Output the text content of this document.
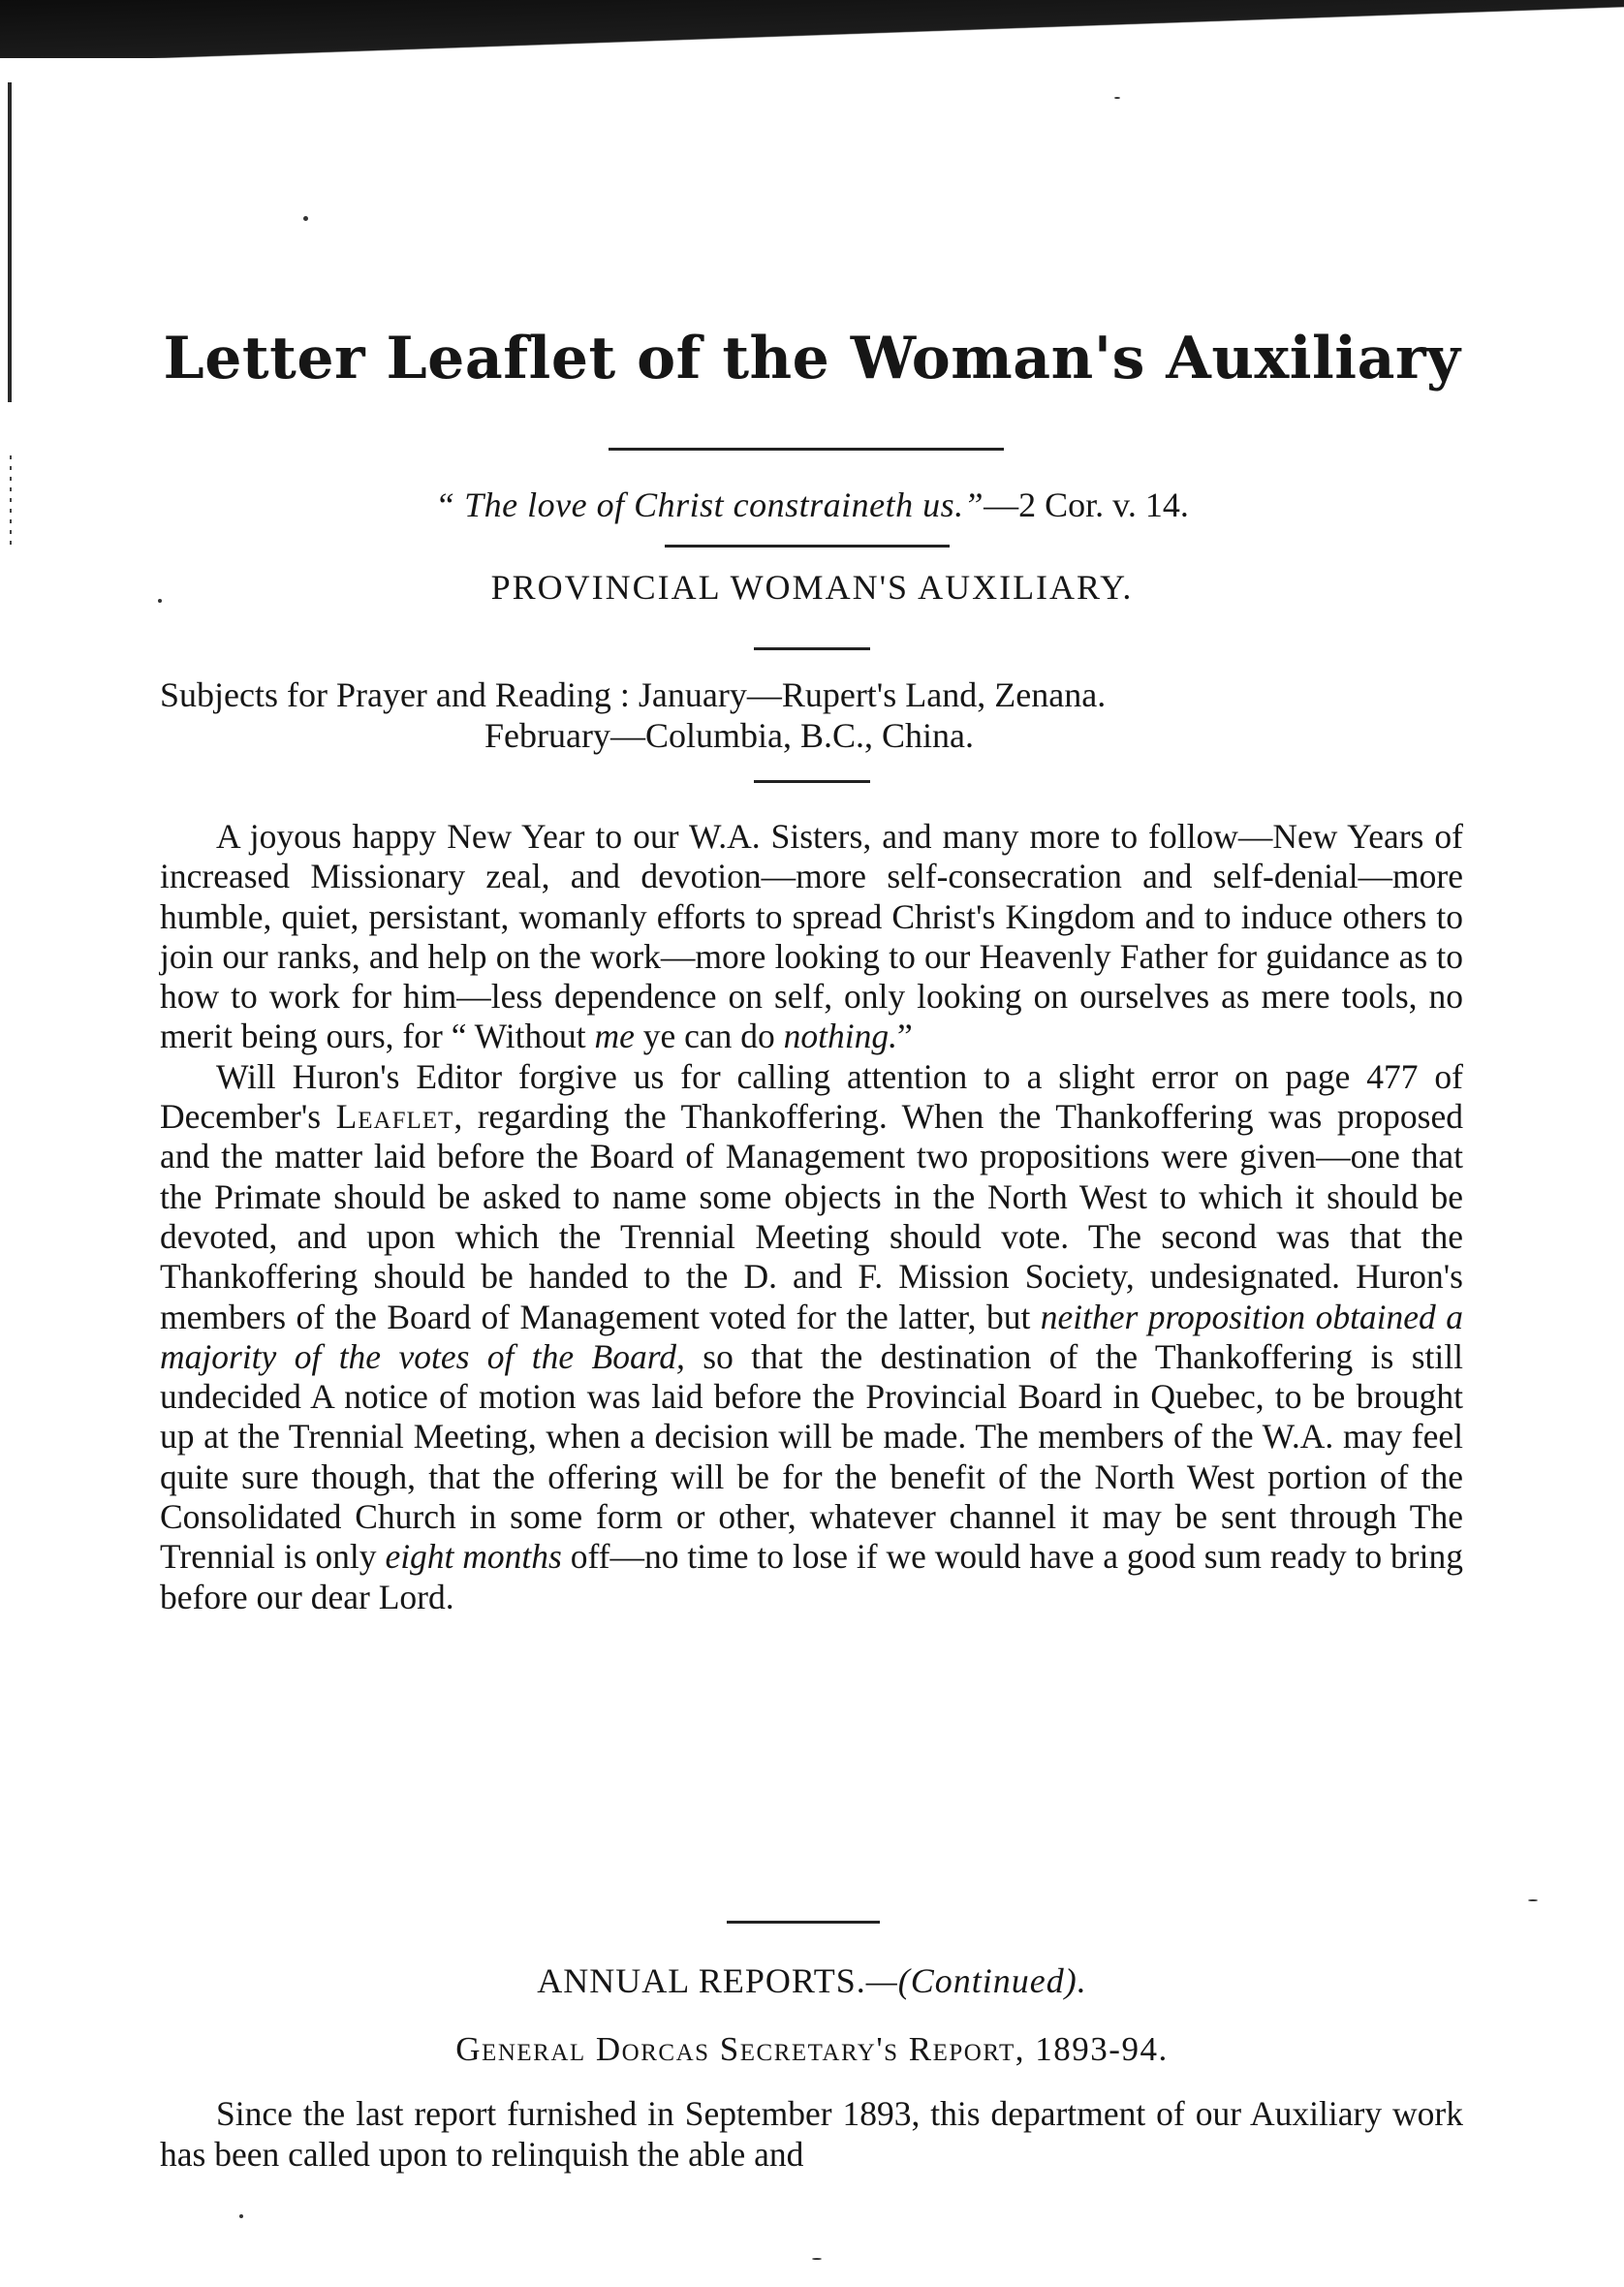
Letter Leaflet of the Woman's Auxiliary
“ The love of Christ constraineth us.”—2 Cor. v. 14.
PROVINCIAL WOMAN'S AUXILIARY.
Subjects for Prayer and Reading : January—Rupert's Land, Zenana.
February—Columbia, B.C., China.

A joyous happy New Year to our W.A. Sisters, and many more to follow—New Years of increased Missionary zeal, and devotion—more self-consecration and self-denial—more humble, quiet, persistant, womanly efforts to spread Christ's Kingdom and to induce others to join our ranks, and help on the work—more looking to our Heavenly Father for guidance as to how to work for him—less dependence on self, only looking on ourselves as mere tools, no merit being ours, for “ Without me ye can do nothing.”

Will Huron's Editor forgive us for calling attention to a slight error on page 477 of December's Leaflet, regarding the Thankoffering. When the Thankoffering was proposed and the matter laid before the Board of Management two propositions were given—one that the Primate should be asked to name some objects in the North West to which it should be devoted, and upon which the Trennial Meeting should vote. The second was that the Thankoffering should be handed to the D. and F. Mission Society, undesignated. Huron's members of the Board of Management voted for the latter, but neither proposition obtained a majority of the votes of the Board, so that the destination of the Thankoffering is still undecided A notice of motion was laid before the Provincial Board in Quebec, to be brought up at the Trennial Meeting, when a decision will be made. The members of the W.A. may feel quite sure though, that the offering will be for the benefit of the North West portion of the Consolidated Church in some form or other, whatever channel it may be sent through The Trennial is only eight months off—no time to lose if we would have a good sum ready to bring before our dear Lord.

ANNUAL REPORTS.—(Continued).
General Dorcas Secretary's Report, 1893-94.

Since the last report furnished in September 1893, this department of our Auxiliary work has been called upon to relinquish the able and
